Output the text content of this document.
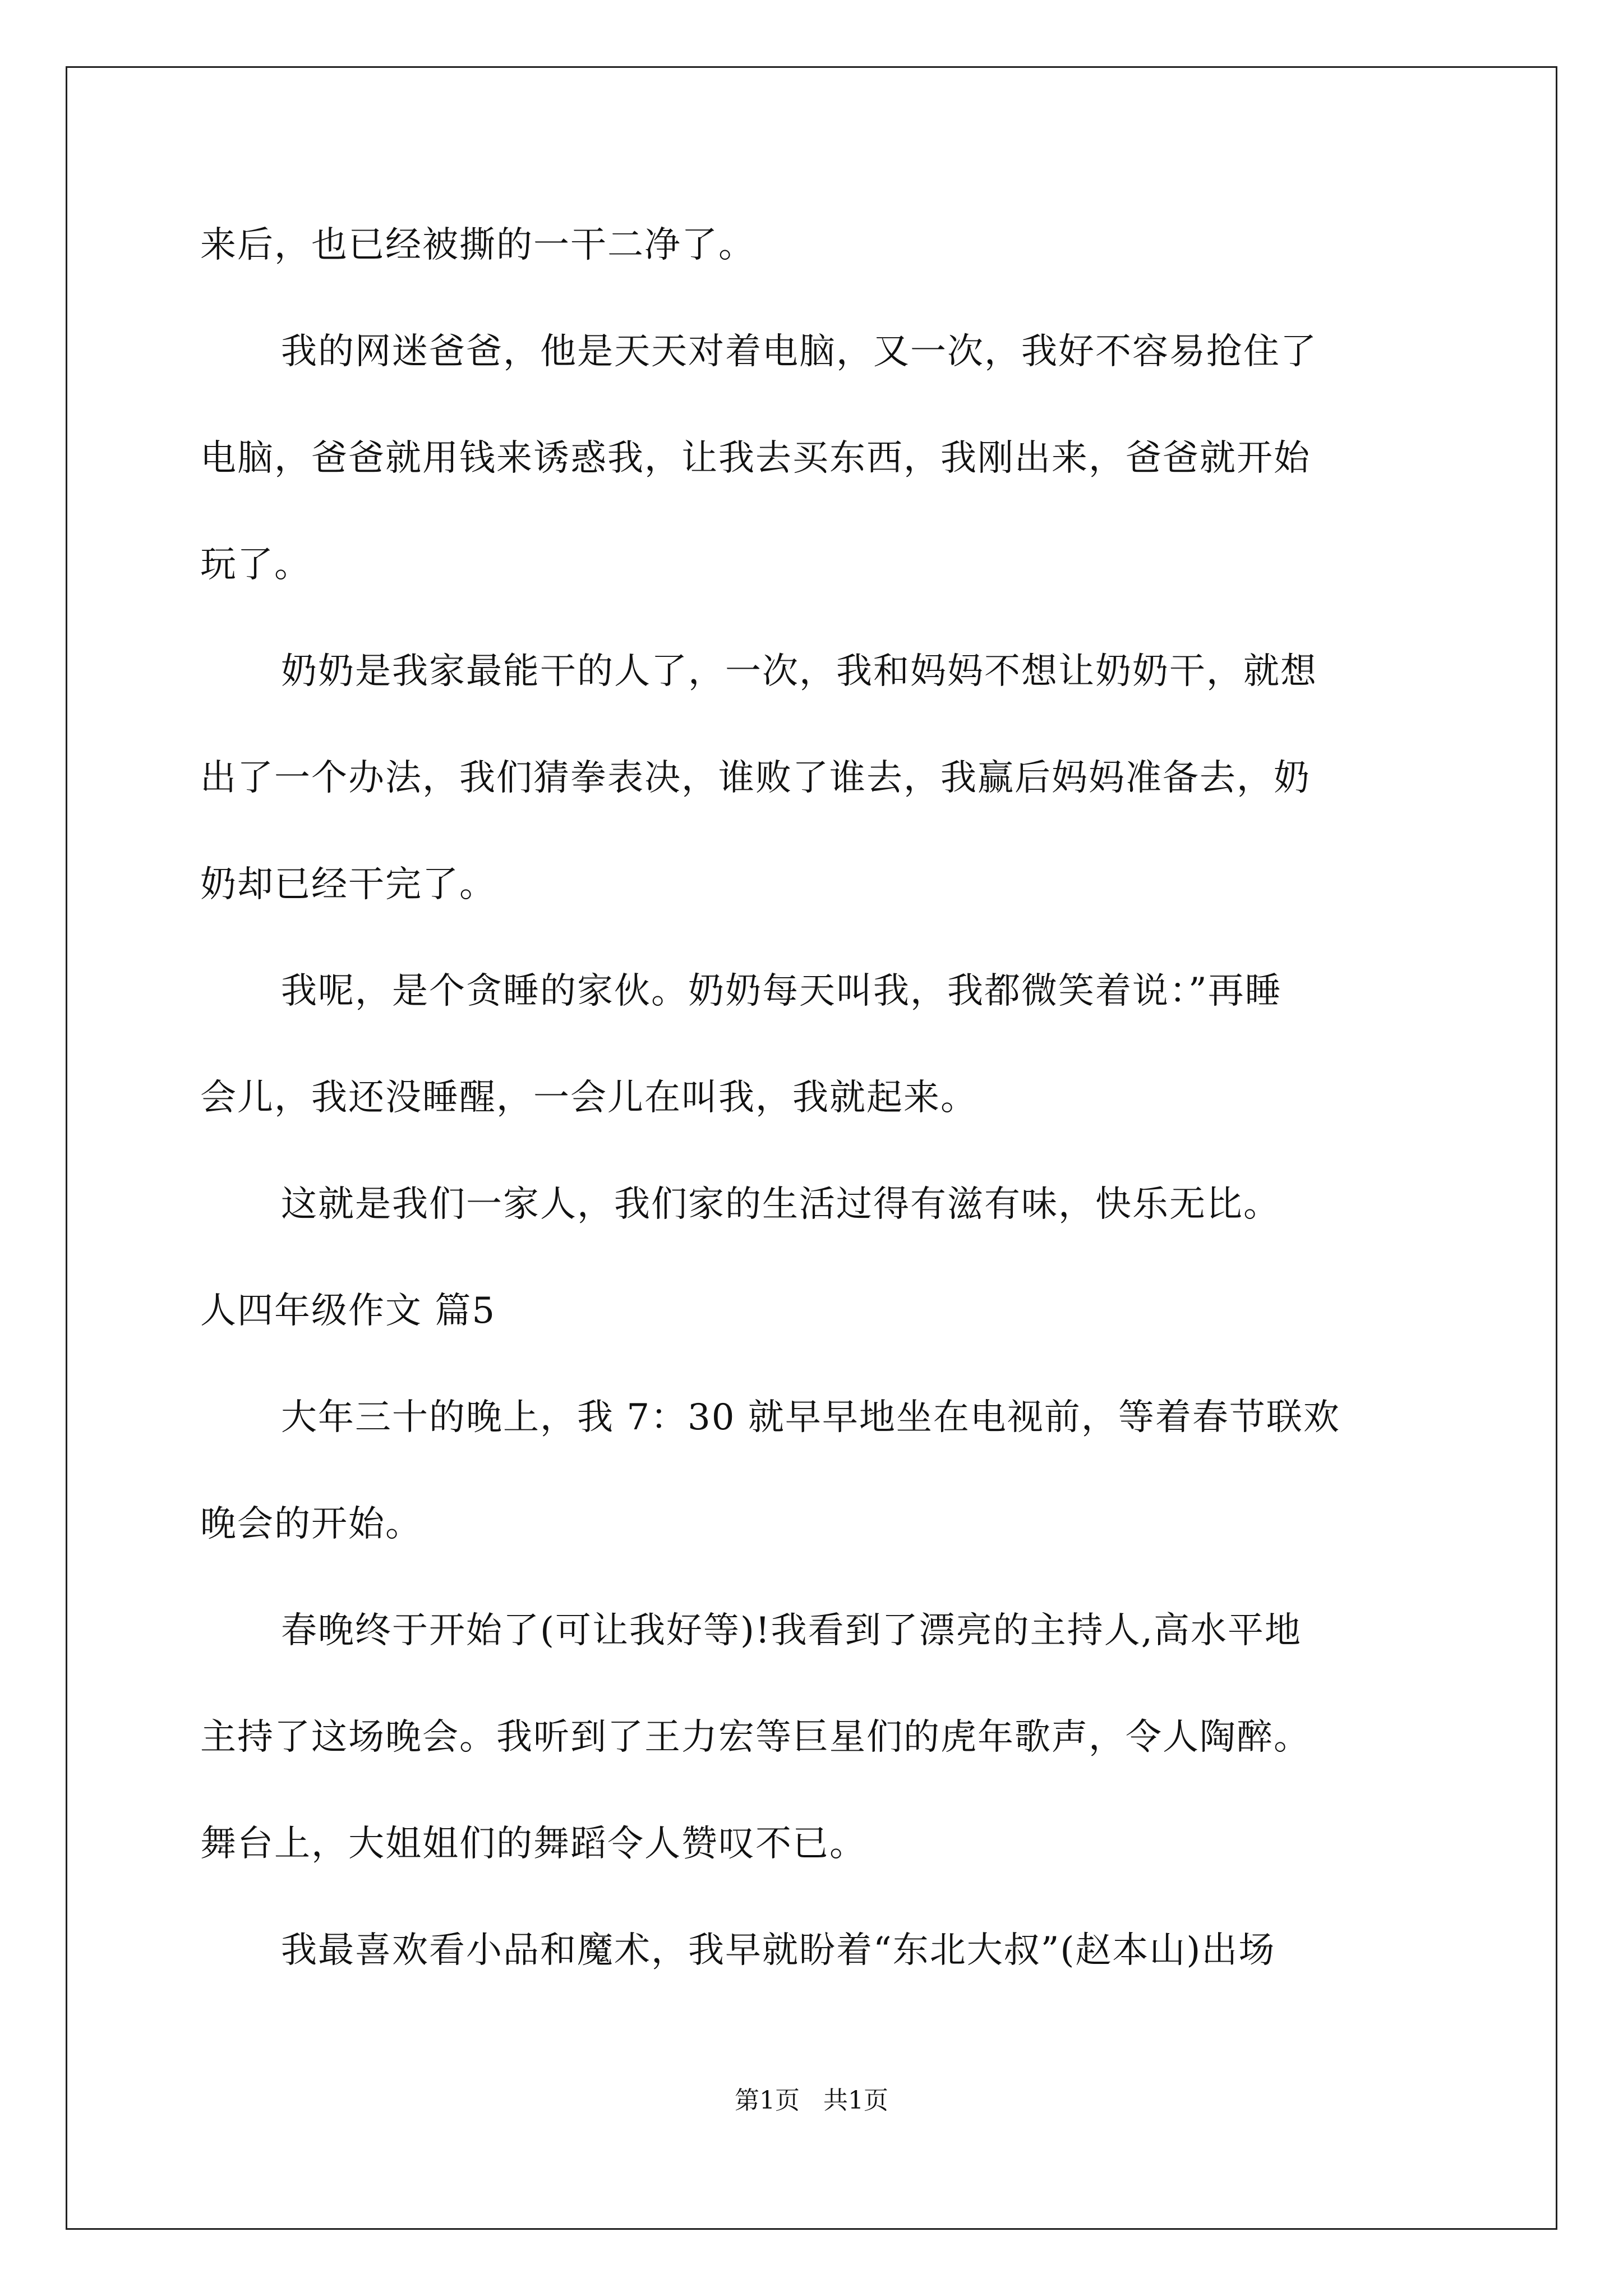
来后，也已经被撕的一干二净了。
我的网迷爸爸，他是天天对着电脑，又一次，我好不容易抢住了
电脑，爸爸就用钱来诱惑我，让我去买东西，我刚出来，爸爸就开始
玩了。
奶奶是我家最能干的人了，一次，我和妈妈不想让奶奶干，就想
出了一个办法，我们猜拳表决，谁败了谁去，我赢后妈妈准备去，奶
奶却已经干完了。
我呢，是个贪睡的家伙。奶奶每天叫我，我都微笑着说：”再睡
会儿，我还没睡醒，一会儿在叫我，我就起来。
这就是我们一家人，我们家的生活过得有滋有味，快乐无比。
人四年级作文 篇5
大年三十的晚上，我 7：30 就早早地坐在电视前，等着春节联欢
晚会的开始。
春晚终于开始了(可让我好等)!我看到了漂亮的主持人,高水平地
主持了这场晚会。我听到了王力宏等巨星们的虎年歌声，令人陶醉。
舞台上，大姐姐们的舞蹈令人赞叹不已。
我最喜欢看小品和魔术，我早就盼着“东北大叔”(赵本山)出场
第1页   共1页
